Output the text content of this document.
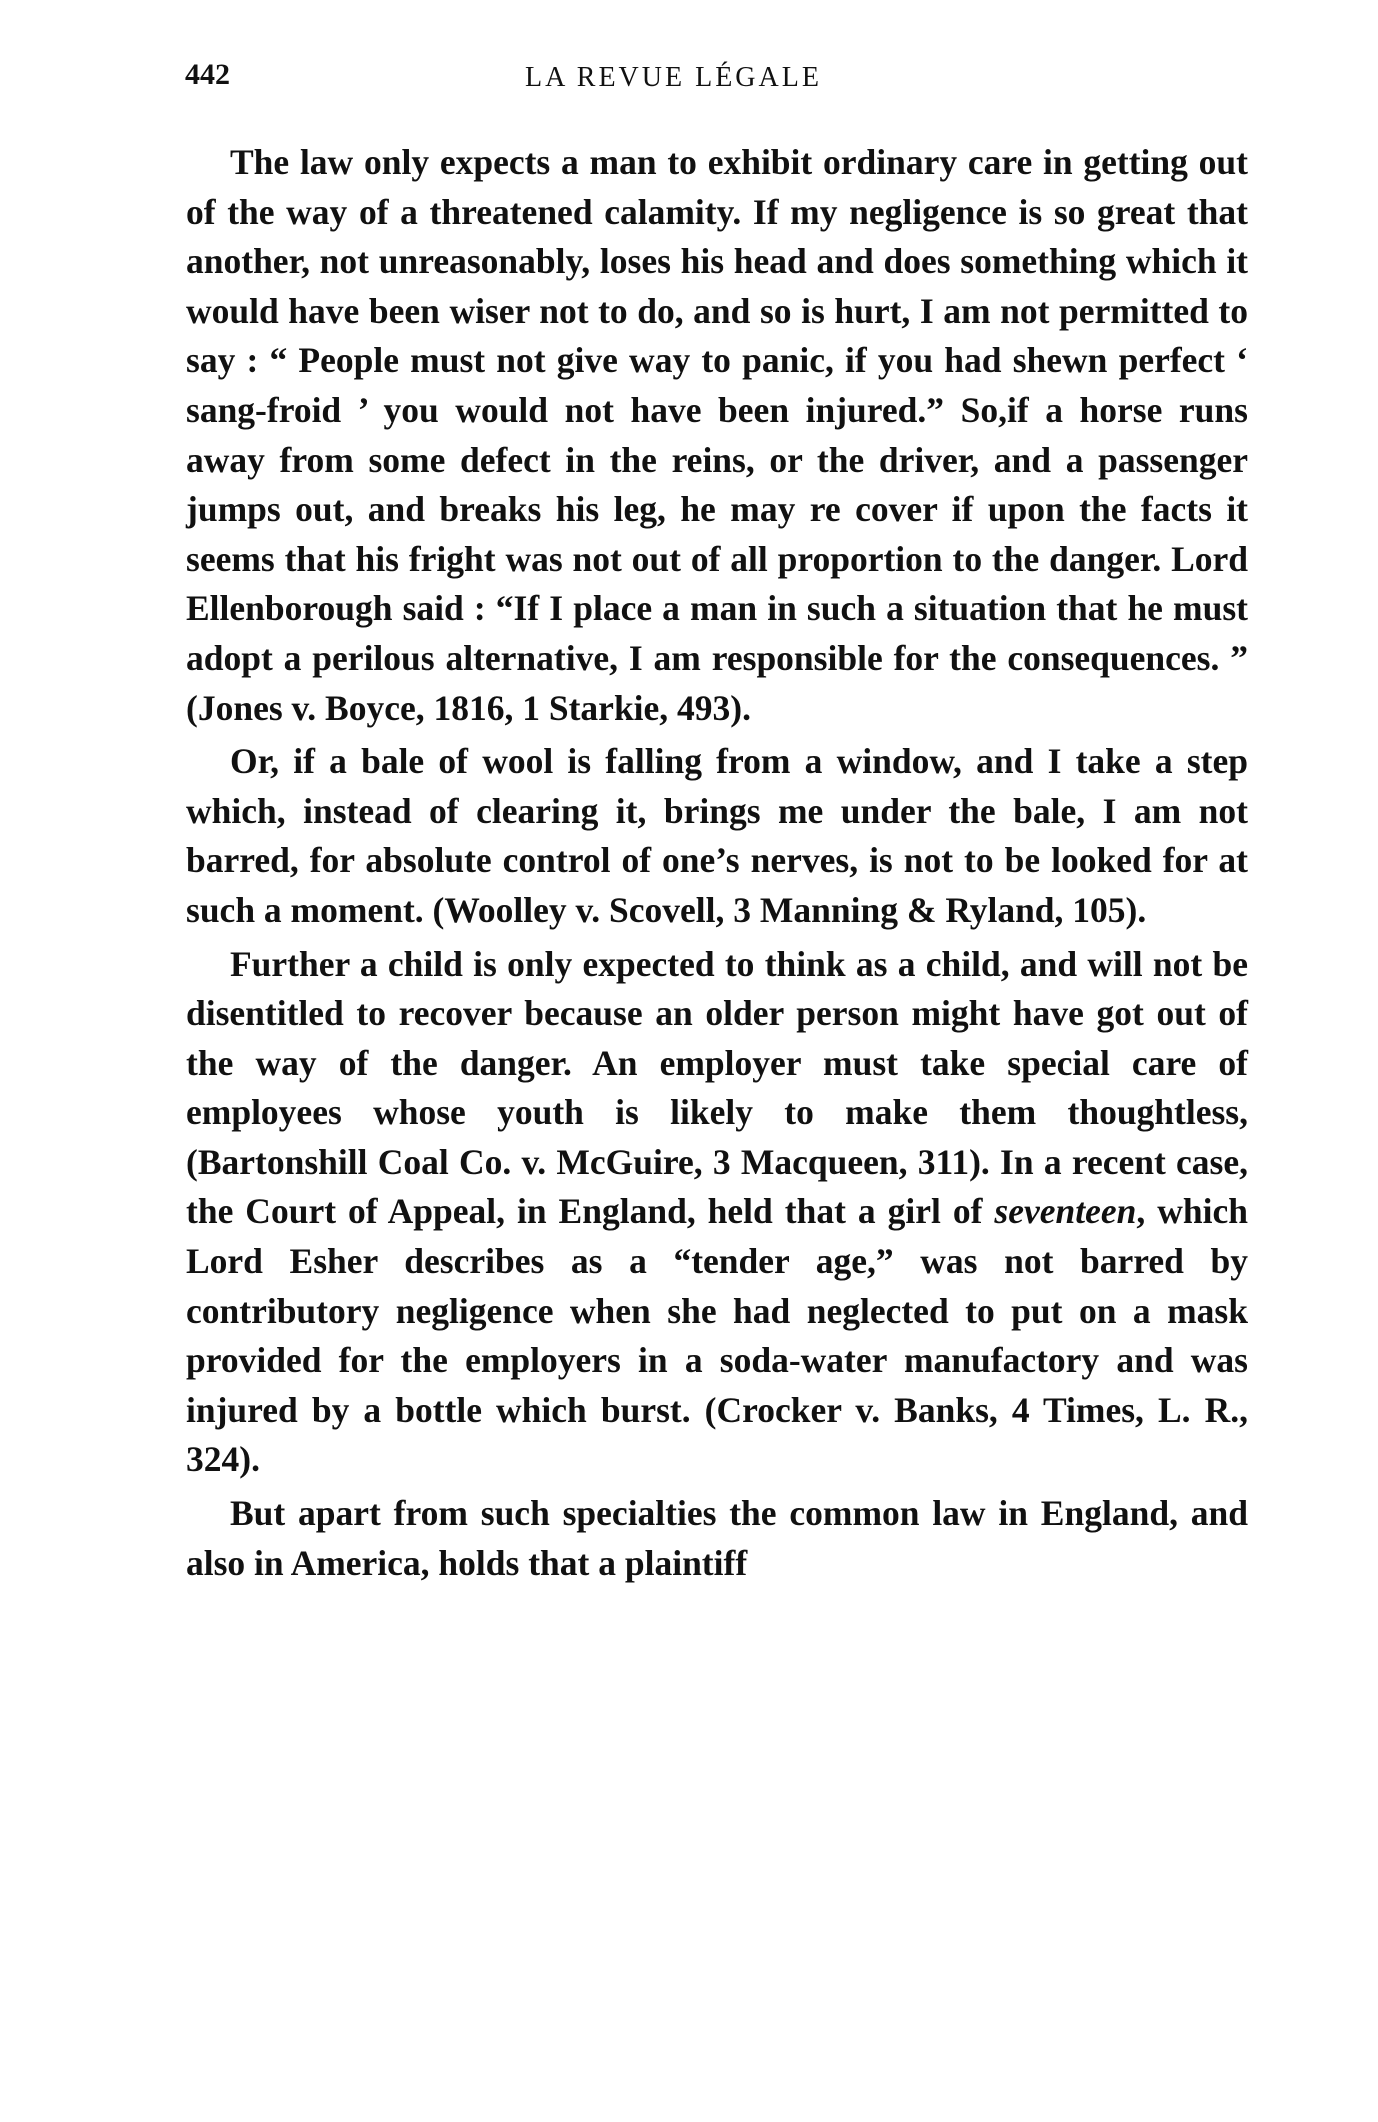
442	LA REVUE LÉGALE

The law only expects a man to exhibit ordinary care in getting out of the way of a threatened calamity. If my negligence is so great that another, not unreasonably, loses his head and does something which it would have been wiser not to do, and so is hurt, I am not permitted to say : “ People must not give way to panic, if you had shewn perfect ‘ sang-froid ’ you would not have been injured.” So,if a horse runs away from some defect in the reins, or the driver, and a passenger jumps out, and breaks his leg, he may re cover if upon the facts it seems that his fright was not out of all proportion to the danger. Lord Ellenborough said : “If I place a man in such a situation that he must adopt a perilous alternative, I am responsible for the consequences. ” (Jones v. Boyce, 1816, 1 Starkie, 493).

Or, if a bale of wool is falling from a window, and I take a step which, instead of clearing it, brings me under the bale, I am not barred, for absolute control of one’s nerves, is not to be looked for at such a moment. (Woolley v. Scovell, 3 Manning & Ryland, 105).

Further a child is only expected to think as a child, and will not be disentitled to recover because an older person might have got out of the way of the danger. An employer must take special care of employees whose youth is likely to make them thoughtless, (Bartonshill Coal Co. v. McGuire, 3 Macqueen, 311). In a recent case, the Court of Appeal, in England, held that a girl of seventeen, which Lord Esher describes as a “tender age,” was not barred by contributory negligence when she had neglected to put on a mask provided for the employers in a soda-water manufactory and was injured by a bottle which burst. (Crocker v. Banks, 4 Times, L. R., 324).

But apart from such specialties the common law in England, and also in America, holds that a plaintiff
